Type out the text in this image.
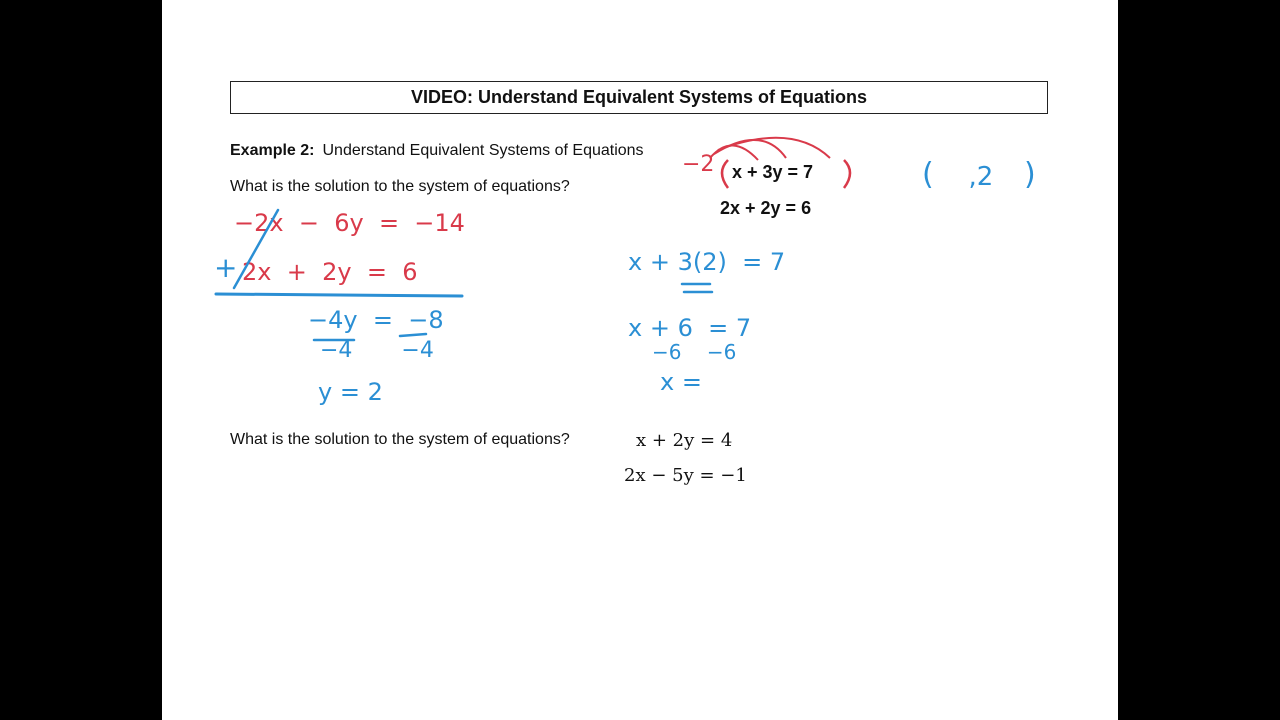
VIDEO: Understand Equivalent Systems of Equations
Example 2: Understand Equivalent Systems of Equations
What is the solution to the system of equations?
What is the solution to the system of equations?
x + 3y = 7
2x + 2y = 6
x + 2y = 4
2x − 5y = −1
−2
−2x  −  6y  =  −14
+ 2x  +  2y  =  6
−4y  =  −8
−4       −4
y = 2
x + 3(2)  = 7
x + 6  = 7
−6    −6
x =
( ,2 )
